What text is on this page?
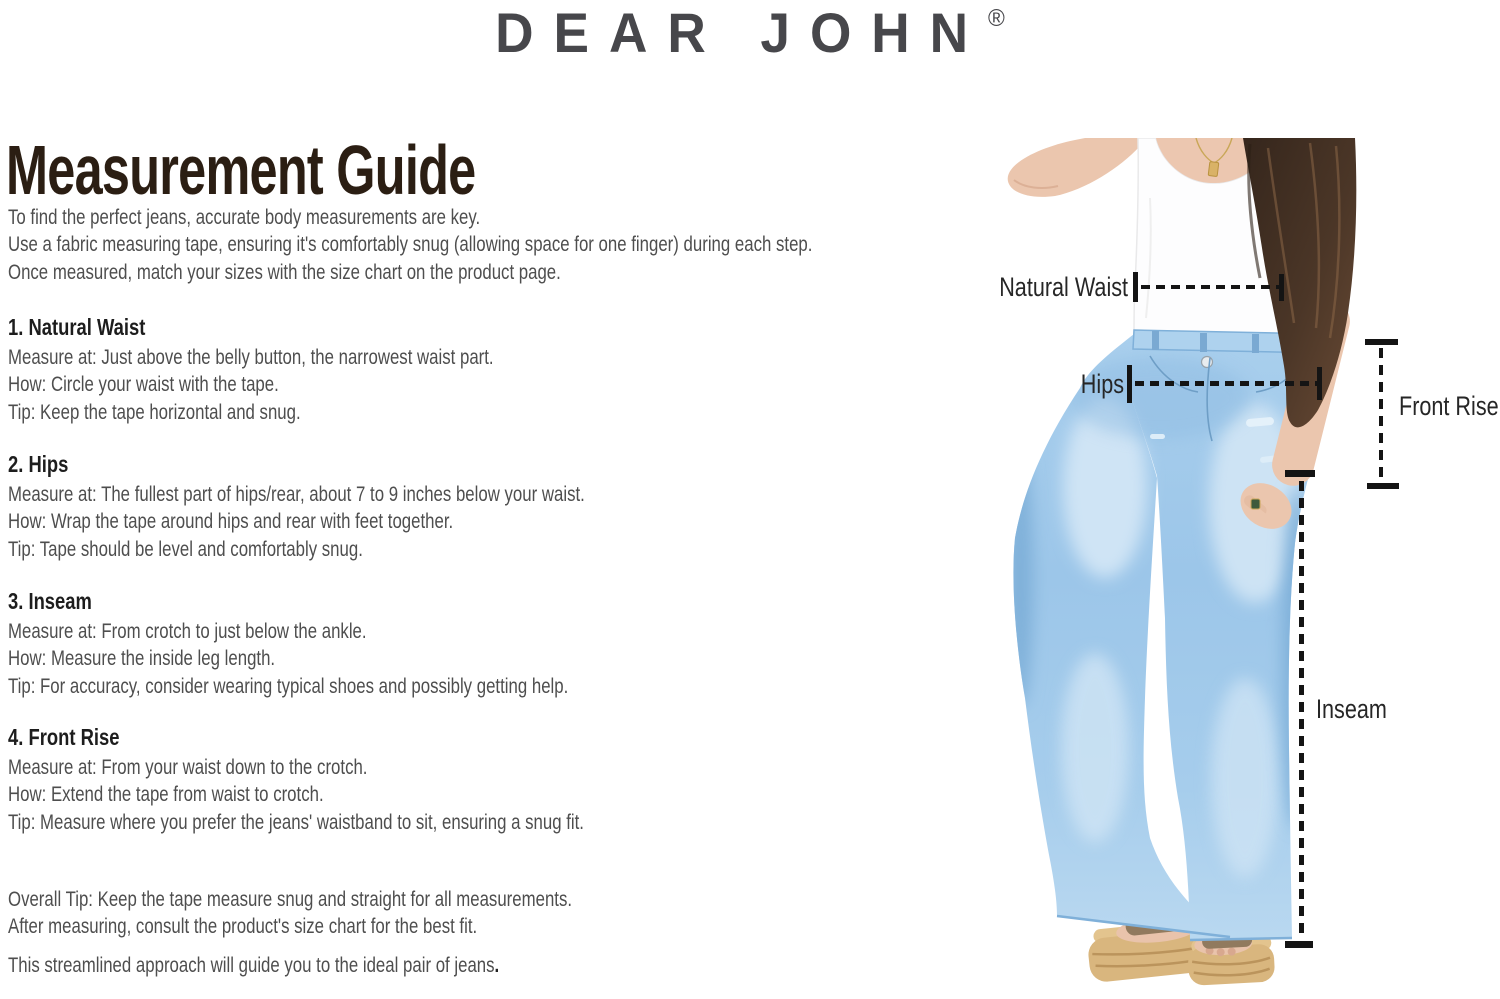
DEAR JOHN®
Measurement Guide
To find the perfect jeans, accurate body measurements are key.
Use a fabric measuring tape, ensuring it's comfortably snug (allowing space for one finger) during each step.
Once measured, match your sizes with the size chart on the product page.
1. Natural Waist
Measure at: Just above the belly button, the narrowest waist part.
How: Circle your waist with the tape.
Tip: Keep the tape horizontal and snug.
2. Hips
Measure at: The fullest part of hips/rear, about 7 to 9 inches below your waist.
How: Wrap the tape around hips and rear with feet together.
Tip: Tape should be level and comfortably snug.
3. Inseam
Measure at: From crotch to just below the ankle.
How: Measure the inside leg length.
Tip: For accuracy, consider wearing typical shoes and possibly getting help.
4. Front Rise
Measure at: From your waist down to the crotch.
How: Extend the tape from waist to crotch.
Tip: Measure where you prefer the jeans' waistband to sit, ensuring a snug fit.
Overall Tip: Keep the tape measure snug and straight for all measurements.
After measuring, consult the product's size chart for the best fit.
This streamlined approach will guide you to the ideal pair of jeans.
Natural Waist
Hips
Front Rise
Inseam
